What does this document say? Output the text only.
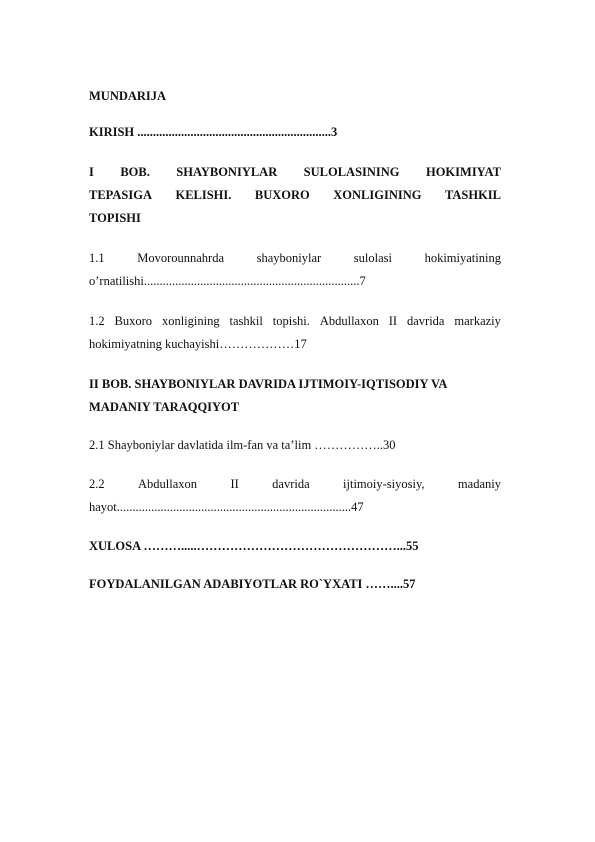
MUNDARIJA
KIRISH ..............................................................3
I BOB. SHAYBONIYLAR SULOLASINING HOKIMIYAT
TEPASIGA KELISHI. BUXORO XONLIGINING TASHKIL
TOPISHI
1.1	Movorounnahrda	shayboniylar	sulolasi	hokimiyatining
o’rnatilishi.....................................................................7
1.2 Buxoro xonligining tashkil topishi. Abdullaxon II davrida markaziy
hokimiyatning kuchayishi………………17
II BOB. SHAYBONIYLAR DAVRIDA IJTIMOIY-IQTISODIY VA
MADANIY TARAQQIYOT
2.1 Shayboniylar davlatida ilm-fan va ta’lim ……………..30
2.2	Abdullaxon	II	davrida	ijtimoiy-siyosiy,	madaniy
hayot...........................................................................47
XULOSA ……….....…………………………………………...55
FOYDALANILGAN ADABIYOTLAR RO`YXATI ……....57
